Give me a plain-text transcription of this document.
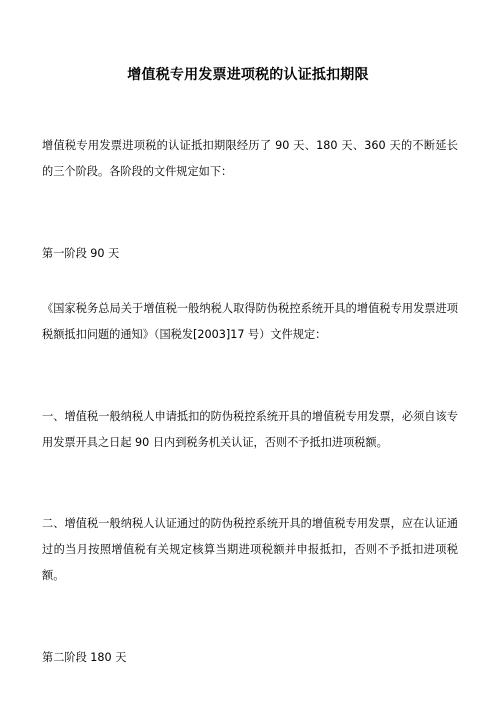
增值税专用发票进项税的认证抵扣期限

增值税专用发票进项税的认证抵扣期限经历了 90 天、180 天、360 天的不断延长的三个阶段。各阶段的文件规定如下：

第一阶段 90 天

《国家税务总局关于增值税一般纳税人取得防伪税控系统开具的增值税专用发票进项税额抵扣问题的通知》（国税发[2003]17 号）文件规定：

一、增值税一般纳税人申请抵扣的防伪税控系统开具的增值税专用发票，必须自该专用发票开具之日起 90 日内到税务机关认证，否则不予抵扣进项税额。

二、增值税一般纳税人认证通过的防伪税控系统开具的增值税专用发票，应在认证通过的当月按照增值税有关规定核算当期进项税额并申报抵扣，否则不予抵扣进项税额。

第二阶段 180 天
